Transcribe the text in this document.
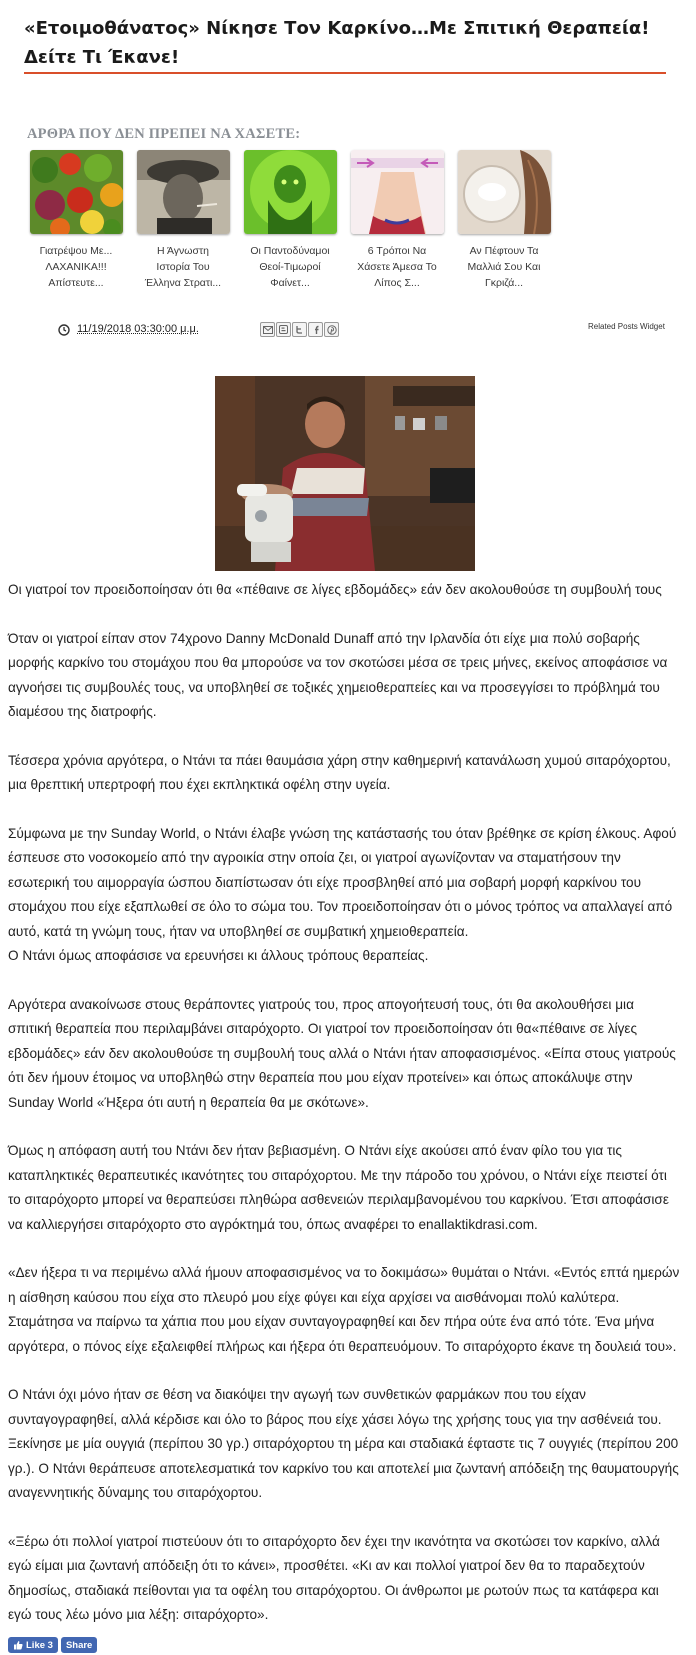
«Ετοιμοθάνατος» Νίκησε Τον Καρκίνο…Με Σπιτική Θεραπεία! Δείτε Τι Έκανε!
ΑΡΘΡΑ ΠΟΥ ΔΕΝ ΠΡΕΠΕΙ ΝΑ ΧΑΣΕΤΕ:
Γιατρέψου Με...
ΛΑΧΑΝΙΚΑ!!!
Απίστευτε...
Η Άγνωστη
Ιστορία Του
Έλληνα Στρατι...
Οι Παντοδύναμοι
Θεοί-Τιμωροί
Φαίνετ...
6 Τρόποι Να
Χάσετε Άμεσα Το
Λίπος Σ...
Αν Πέφτουν Τα
Μαλλιά Σου Και
Γκριζά...
11/19/2018 03:30:00 μ.μ.	Related Posts Widget

Οι γιατροί τον προειδοποίησαν ότι θα «πέθαινε σε λίγες εβδομάδες» εάν δεν ακολουθούσε τη συμβουλή τους

Όταν οι γιατροί είπαν στον 74χρονο Danny McDonald Dunaff από την Ιρλανδία ότι είχε μια πολύ σοβαρής μορφής καρκίνο του στομάχου που θα μπορούσε να τον σκοτώσει μέσα σε τρεις μήνες, εκείνος αποφάσισε να αγνοήσει τις συμβουλές τους, να υποβληθεί σε τοξικές χημειοθεραπείες και να προσεγγίσει το πρόβλημά του διαμέσου της διατροφής.

Τέσσερα χρόνια αργότερα, ο Ντάνι τα πάει θαυμάσια χάρη στην καθημερινή κατανάλωση χυμού σιταρόχορτου, μια θρεπτική υπερτροφή που έχει εκπληκτικά οφέλη στην υγεία.

Σύμφωνα με την Sunday World, ο Ντάνι έλαβε γνώση της κατάστασής του όταν βρέθηκε σε κρίση έλκους. Αφού έσπευσε στο νοσοκομείο από την αγροικία στην οποία ζει, οι γιατροί αγωνίζονταν να σταματήσουν την εσωτερική του αιμορραγία ώσπου διαπίστωσαν ότι είχε προσβληθεί από μια σοβαρή μορφή καρκίνου του στομάχου που είχε εξαπλωθεί σε όλο το σώμα του. Τον προειδοποίησαν ότι ο μόνος τρόπος να απαλλαγεί από αυτό, κατά τη γνώμη τους, ήταν να υποβληθεί σε συμβατική χημειοθεραπεία.

Ο Ντάνι όμως αποφάσισε να ερευνήσει κι άλλους τρόπους θεραπείας.

Αργότερα ανακοίνωσε στους θεράποντες γιατρούς του, προς απογοήτευσή τους, ότι θα ακολουθήσει μια σπιτική θεραπεία που περιλαμβάνει σιταρόχορτο. Οι γιατροί τον προειδοποίησαν ότι θα«πέθαινε σε λίγες εβδομάδες» εάν δεν ακολουθούσε τη συμβουλή τους αλλά ο Ντάνι ήταν αποφασισμένος. «Είπα στους γιατρούς ότι δεν ήμουν έτοιμος να υποβληθώ στην θεραπεία που μου είχαν προτείνει» και όπως αποκάλυψε στην Sunday World «Ήξερα ότι αυτή η θεραπεία θα με σκότωνε».

Όμως η απόφαση αυτή του Ντάνι δεν ήταν βεβιασμένη. Ο Ντάνι είχε ακούσει από έναν φίλο του για τις καταπληκτικές θεραπευτικές ικανότητες του σιταρόχορτου. Με την πάροδο του χρόνου, ο Ντάνι είχε πειστεί ότι το σιταρόχορτο μπορεί να θεραπεύσει πληθώρα ασθενειών περιλαμβανομένου του καρκίνου. Έτσι αποφάσισε να καλλιεργήσει σιταρόχορτο στο αγρόκτημά του, όπως αναφέρει το enallaktikdrasi.com.

«Δεν ήξερα τι να περιμένω αλλά ήμουν αποφασισμένος να το δοκιμάσω» θυμάται ο Ντάνι. «Εντός επτά ημερών η αίσθηση καύσου που είχα στο πλευρό μου είχε φύγει και είχα αρχίσει να αισθάνομαι πολύ καλύτερα. Σταμάτησα να παίρνω τα χάπια που μου είχαν συνταγογραφηθεί και δεν πήρα ούτε ένα από τότε. Ένα μήνα αργότερα, ο πόνος είχε εξαλειφθεί πλήρως και ήξερα ότι θεραπευόμουν. Το σιταρόχορτο έκανε τη δουλειά του».

Ο Ντάνι όχι μόνο ήταν σε θέση να διακόψει την αγωγή των συνθετικών φαρμάκων που του είχαν συνταγογραφηθεί, αλλά κέρδισε και όλο το βάρος που είχε χάσει λόγω της χρήσης τους για την ασθένειά του. Ξεκίνησε με μία ουγγιά (περίπου 30 γρ.) σιταρόχορτου τη μέρα και σταδιακά έφταστε τις 7 ουγγιές (περίπου 200 γρ.). Ο Ντάνι θεράπευσε αποτελεσματικά τον καρκίνο του και αποτελεί μια ζωντανή απόδειξη της θαυματουργής αναγεννητικής δύναμης του σιταρόχορτου.

«Ξέρω ότι πολλοί γιατροί πιστεύουν ότι το σιταρόχορτο δεν έχει την ικανότητα να σκοτώσει τον καρκίνο, αλλά εγώ είμαι μια ζωντανή απόδειξη ότι το κάνει», προσθέτει. «Κι αν και πολλοί γιατροί δεν θα το παραδεχτούν δημοσίως, σταδιακά πείθονται για τα οφέλη του σιταρόχορτου. Οι άνθρωποι με ρωτούν πως τα κατάφερα και εγώ τους λέω μόνο μια λέξη: σιταρόχορτο».

Like 3	Share
